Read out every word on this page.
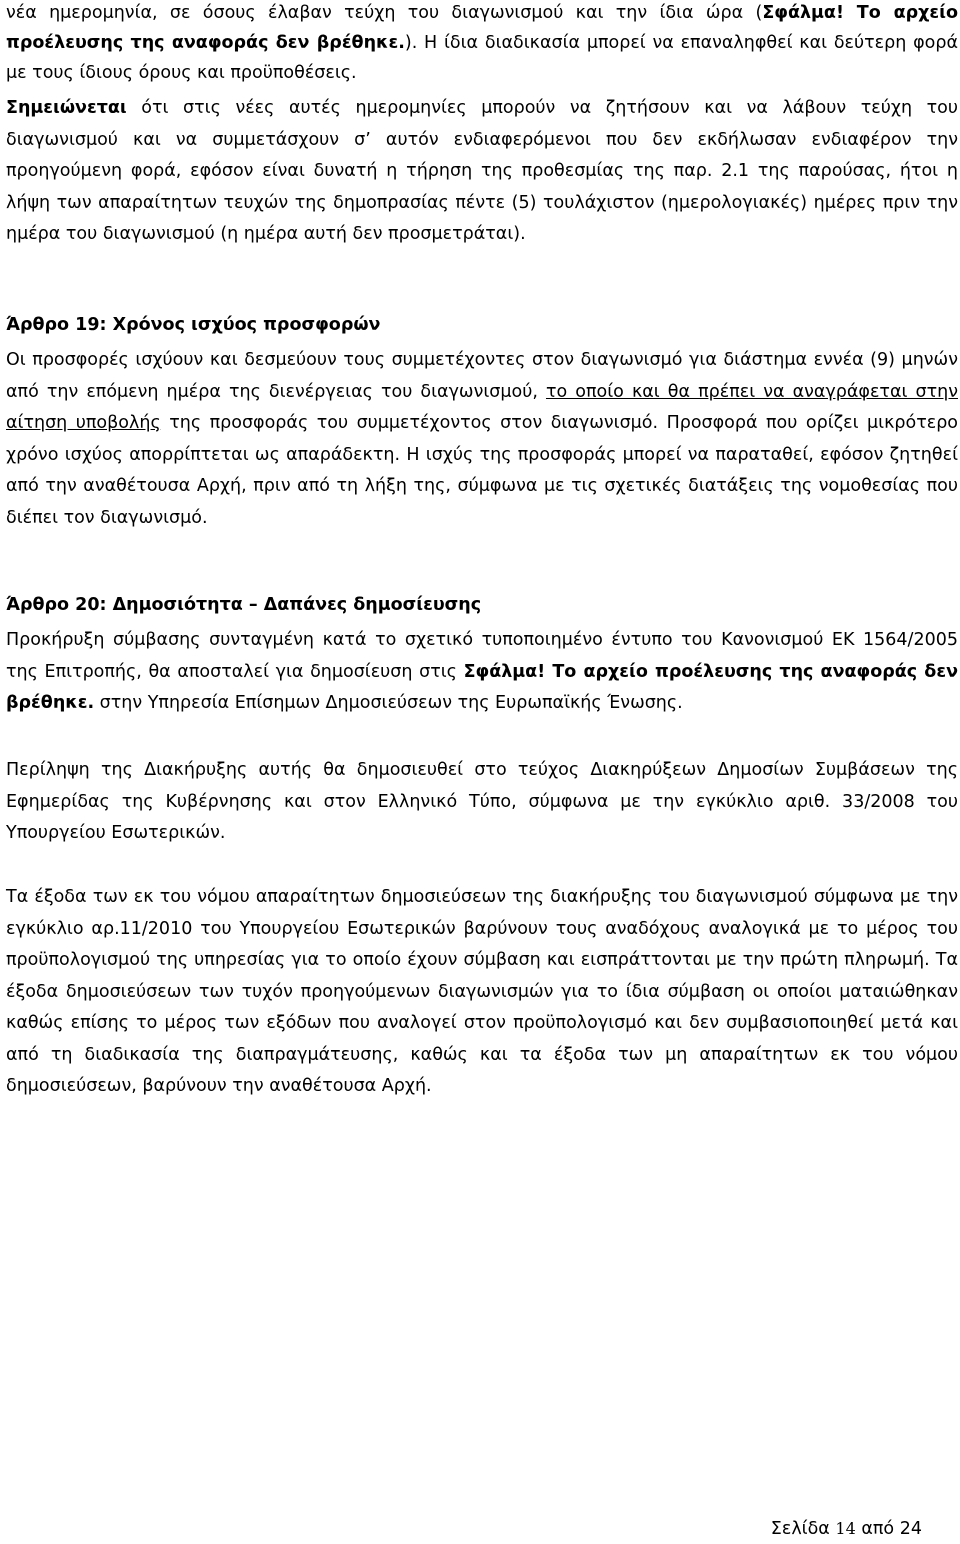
νέα ημερομηνία, σε όσους έλαβαν τεύχη του διαγωνισμού και την ίδια ώρα (Σφάλμα! Το αρχείο προέλευσης της αναφοράς δεν βρέθηκε.). Η ίδια διαδικασία μπορεί να επαναληφθεί και δεύτερη φορά με τους ίδιους όρους και προϋποθέσεις.

Σημειώνεται ότι στις νέες αυτές ημερομηνίες μπορούν να ζητήσουν και να λάβουν τεύχη του διαγωνισμού και να συμμετάσχουν σ’ αυτόν ενδιαφερόμενοι που δεν εκδήλωσαν ενδιαφέρον την προηγούμενη φορά, εφόσον είναι δυνατή η τήρηση της προθεσμίας της παρ. 2.1 της παρούσας, ήτοι η λήψη των απαραίτητων τευχών της δημοπρασίας πέντε (5) τουλάχιστον (ημερολογιακές) ημέρες πριν την ημέρα του διαγωνισμού (η ημέρα αυτή δεν προσμετράται).

Άρθρο 19: Χρόνος ισχύος προσφορών

Οι προσφορές ισχύουν και δεσμεύουν τους συμμετέχοντες στον διαγωνισμό για διάστημα εννέα (9) μηνών από την επόμενη ημέρα της διενέργειας του διαγωνισμού, το οποίο και θα πρέπει να αναγράφεται στην αίτηση υποβολής της προσφοράς του συμμετέχοντος στον διαγωνισμό. Προσφορά που ορίζει μικρότερο χρόνο ισχύος απορρίπτεται ως απαράδεκτη. Η ισχύς της προσφοράς μπορεί να παραταθεί, εφόσον ζητηθεί από την αναθέτουσα Αρχή, πριν από τη λήξη της, σύμφωνα με τις σχετικές διατάξεις της νομοθεσίας που διέπει τον διαγωνισμό.

Άρθρο 20: Δημοσιότητα – Δαπάνες δημοσίευσης

Προκήρυξη σύμβασης συνταγμένη κατά το σχετικό τυποποιημένο έντυπο του Κανονισμού ΕΚ 1564/2005 της Επιτροπής, θα αποσταλεί για δημοσίευση στις Σφάλμα! Το αρχείο προέλευσης της αναφοράς δεν βρέθηκε. στην Υπηρεσία Επίσημων Δημοσιεύσεων της Ευρωπαϊκής Ένωσης.

Περίληψη της Διακήρυξης αυτής θα δημοσιευθεί στο τεύχος Διακηρύξεων Δημοσίων Συμβάσεων της Εφημερίδας της Κυβέρνησης και στον Ελληνικό Τύπο, σύμφωνα με την εγκύκλιο αριθ. 33/2008 του Υπουργείου Εσωτερικών.

Τα έξοδα των εκ του νόμου απαραίτητων δημοσιεύσεων της διακήρυξης του διαγωνισμού σύμφωνα με την εγκύκλιο αρ.11/2010 του Υπουργείου Εσωτερικών βαρύνουν τους αναδόχους αναλογικά με το μέρος του προϋπολογισμού της υπηρεσίας για το οποίο έχουν σύμβαση και εισπράττονται με την πρώτη πληρωμή. Τα έξοδα δημοσιεύσεων των τυχόν προηγούμενων διαγωνισμών για το ίδια σύμβαση οι οποίοι ματαιώθηκαν καθώς επίσης το μέρος των εξόδων που αναλογεί στον προϋπολογισμό και δεν συμβασιοποιηθεί μετά και από τη διαδικασία της διαπραγμάτευσης, καθώς και τα έξοδα των μη απαραίτητων εκ του νόμου δημοσιεύσεων, βαρύνουν την αναθέτουσα Αρχή.

Σελίδα 14 από 24
